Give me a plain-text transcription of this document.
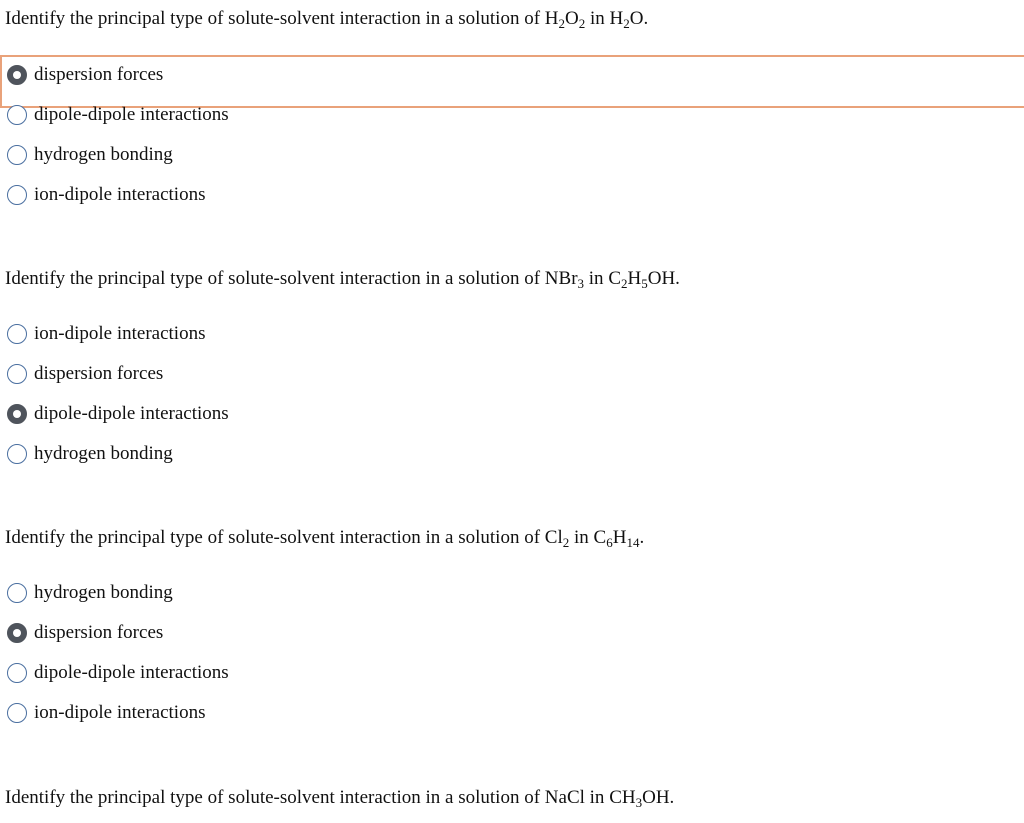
Identify the principal type of solute-solvent interaction in a solution of $H_2O_2$ in $H_2O$.
dispersion forces
dipole-dipole interactions
hydrogen bonding
ion-dipole interactions
Identify the principal type of solute-solvent interaction in a solution of NBr$_3$ in $C_2H_5OH$.
ion-dipole interactions
dispersion forces
dipole-dipole interactions
hydrogen bonding
Identify the principal type of solute-solvent interaction in a solution of $Cl_2$ in $C_6H_{14}$.
hydrogen bonding
dispersion forces
dipole-dipole interactions
ion-dipole interactions
Identify the principal type of solute-solvent interaction in a solution of NaCl in $CH_3OH$.
